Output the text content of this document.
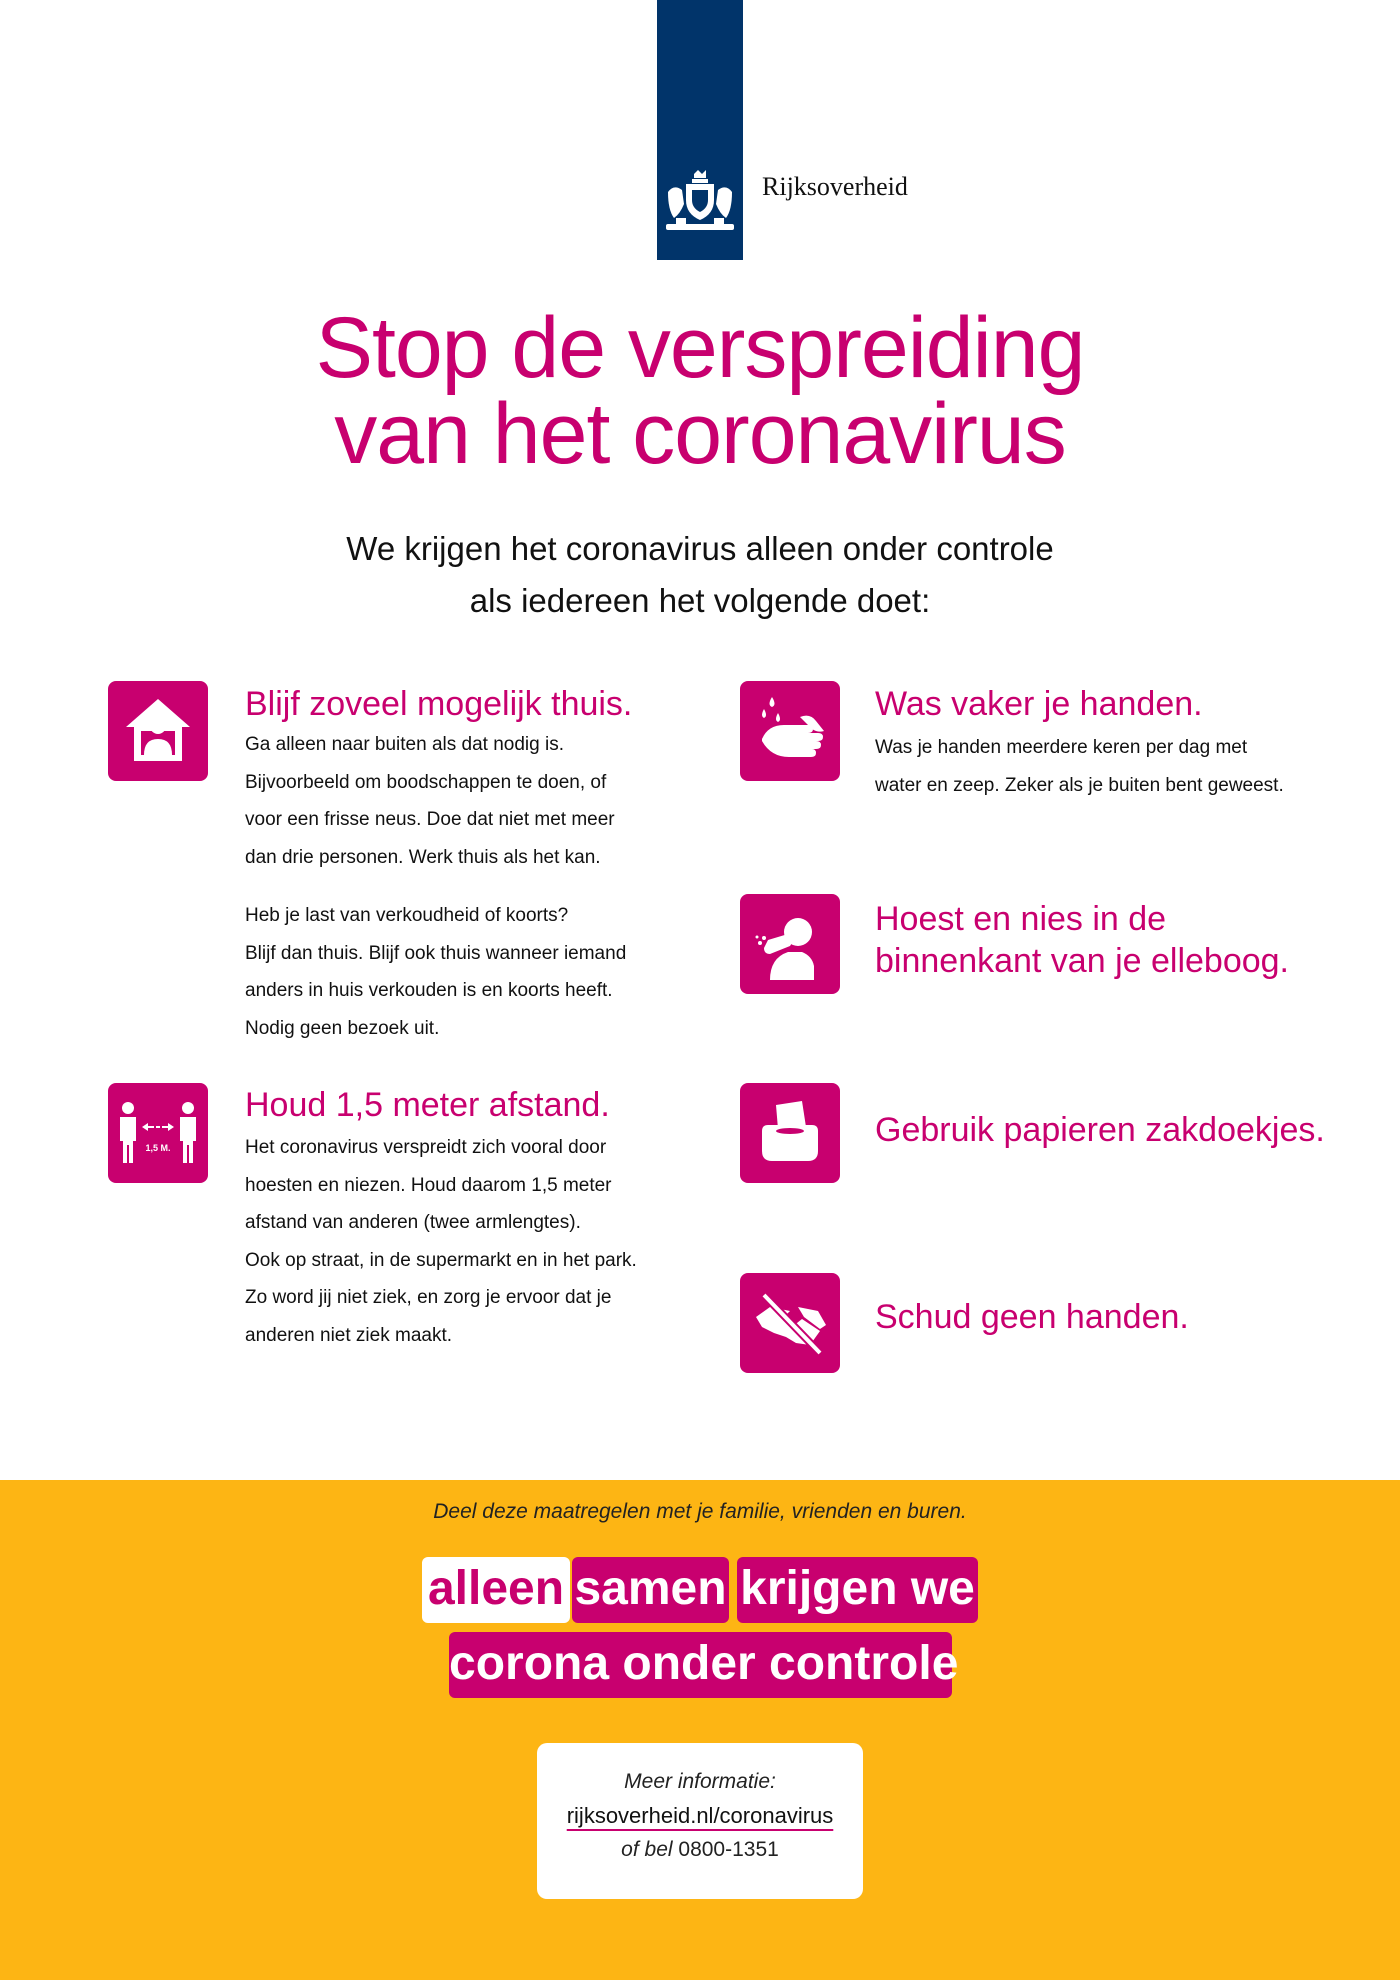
Rijksoverheid
Stop de verspreiding
van het coronavirus
We krijgen het coronavirus alleen onder controle
als iedereen het volgende doet:
Blijf zoveel mogelijk thuis.
Ga alleen naar buiten als dat nodig is.
Bijvoorbeeld om boodschappen te doen, of
voor een frisse neus. Doe dat niet met meer
dan drie personen. Werk thuis als het kan.
Heb je last van verkoudheid of koorts?
Blijf dan thuis. Blijf ook thuis wanneer iemand
anders in huis verkouden is en koorts heeft.
Nodig geen bezoek uit.
1,5 M.
Houd 1,5 meter afstand.
Het coronavirus verspreidt zich vooral door
hoesten en niezen. Houd daarom 1,5 meter
afstand van anderen (twee armlengtes).
Ook op straat, in de supermarkt en in het park.
Zo word jij niet ziek, en zorg je ervoor dat je
anderen niet ziek maakt.
Was vaker je handen.
Was je handen meerdere keren per dag met
water en zeep. Zeker als je buiten bent geweest.
Hoest en nies in de
binnenkant van je elleboog.
Gebruik papieren zakdoekjes.
Schud geen handen.
Deel deze maatregelen met je familie, vrienden en buren.
alleen samen krijgen we
corona onder controle
Meer informatie:
rijksoverheid.nl/coronavirus
of bel 0800-1351
